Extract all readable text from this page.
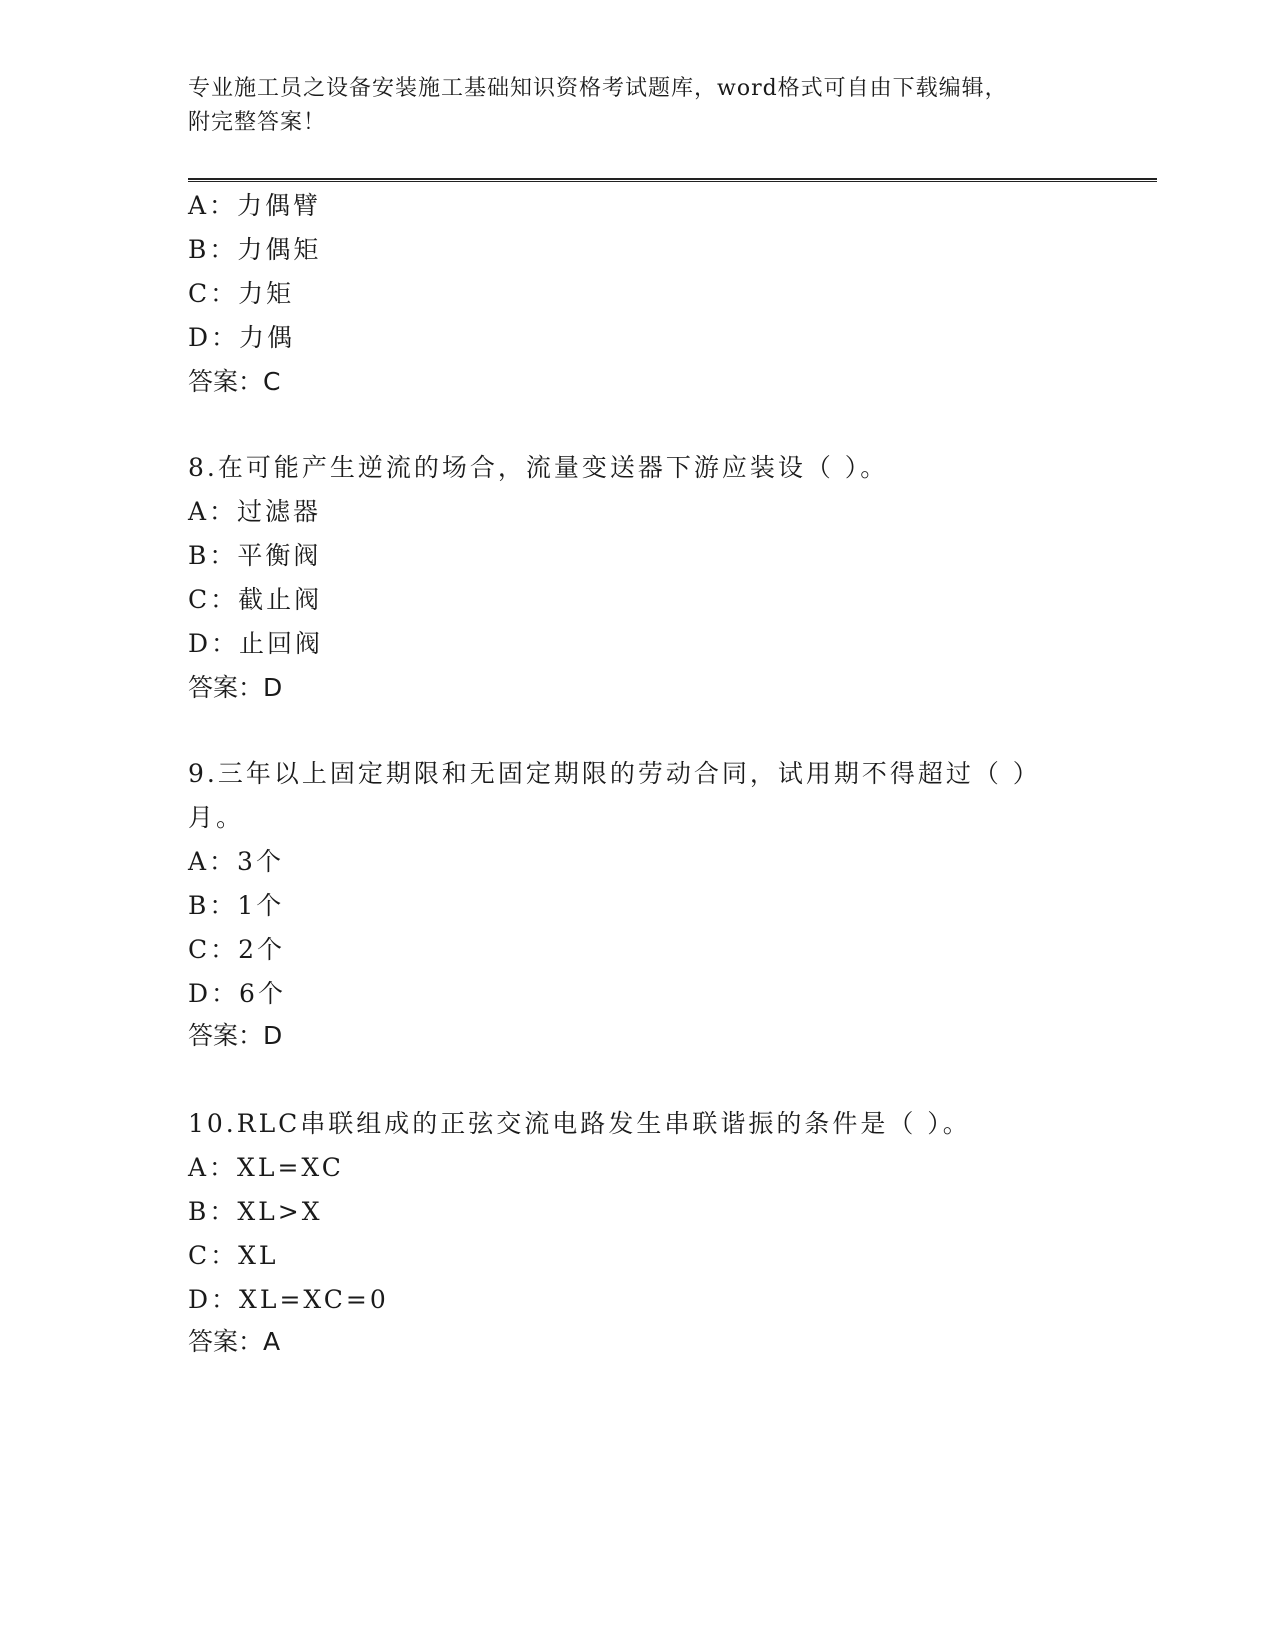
专业施工员之设备安装施工基础知识资格考试题库，word格式可自由下载编辑，
附完整答案！
A：力偶臂
B：力偶矩
C：力矩
D：力偶
答案：C
8.在可能产生逆流的场合，流量变送器下游应装设（ ）。
A：过滤器
B：平衡阀
C：截止阀
D：止回阀
答案：D
9.三年以上固定期限和无固定期限的劳动合同，试用期不得超过（ ）
月。
A：3个
B：1个
C：2个
D：6个
答案：D
10.RLC串联组成的正弦交流电路发生串联谐振的条件是（ ）。
A：XL=XC
B：XL>X
C：XL
D：XL=XC=0
答案：A
